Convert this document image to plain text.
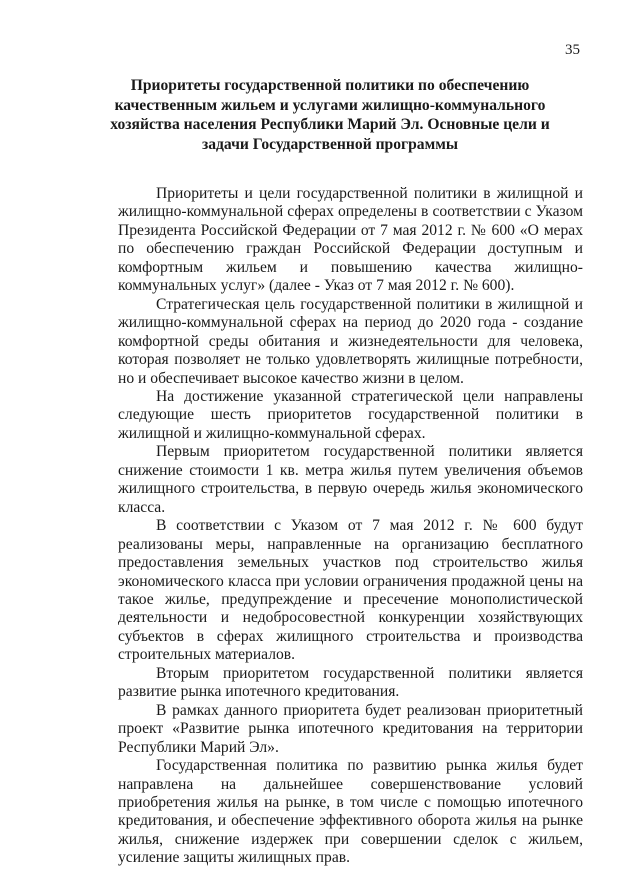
35
Приоритеты государственной политики по обеспечению
качественным жильем и услугами жилищно-коммунального
хозяйства населения Республики Марий Эл. Основные цели и
задачи Государственной программы

Приоритеты и цели государственной политики в жилищной и жилищно-коммунальной сферах определены в соответствии с Указом Президента Российской Федерации от 7 мая 2012 г. № 600 «О мерах по обеспечению граждан Российской Федерации доступным и комфортным жильем и повышению качества жилищно-коммунальных услуг» (далее - Указ от 7 мая 2012 г. № 600).

Стратегическая цель государственной политики в жилищной и жилищно-коммунальной сферах на период до 2020 года - создание комфортной среды обитания и жизнедеятельности для человека, которая позволяет не только удовлетворять жилищные потребности, но и обеспечивает высокое качество жизни в целом.

На достижение указанной стратегической цели направлены следующие шесть приоритетов государственной политики в жилищной и жилищно-коммунальной сферах.

Первым приоритетом государственной политики является снижение стоимости 1 кв. метра жилья путем увеличения объемов жилищного строительства, в первую очередь жилья экономического класса.

В соответствии с Указом от 7 мая 2012 г. № 600 будут реализованы меры, направленные на организацию бесплатного предоставления земельных участков под строительство жилья экономического класса при условии ограничения продажной цены на такое жилье, предупреждение и пресечение монополистической деятельности и недобросовестной конкуренции хозяйствующих субъектов в сферах жилищного строительства и производства строительных материалов.

Вторым приоритетом государственной политики является развитие рынка ипотечного кредитования.

В рамках данного приоритета будет реализован приоритетный проект «Развитие рынка ипотечного кредитования на территории Республики Марий Эл».

Государственная политика по развитию рынка жилья будет направлена на дальнейшее совершенствование условий приобретения жилья на рынке, в том числе с помощью ипотечного кредитования, и обеспечение эффективного оборота жилья на рынке жилья, снижение издержек при совершении сделок с жильем, усиление защиты жилищных прав.
